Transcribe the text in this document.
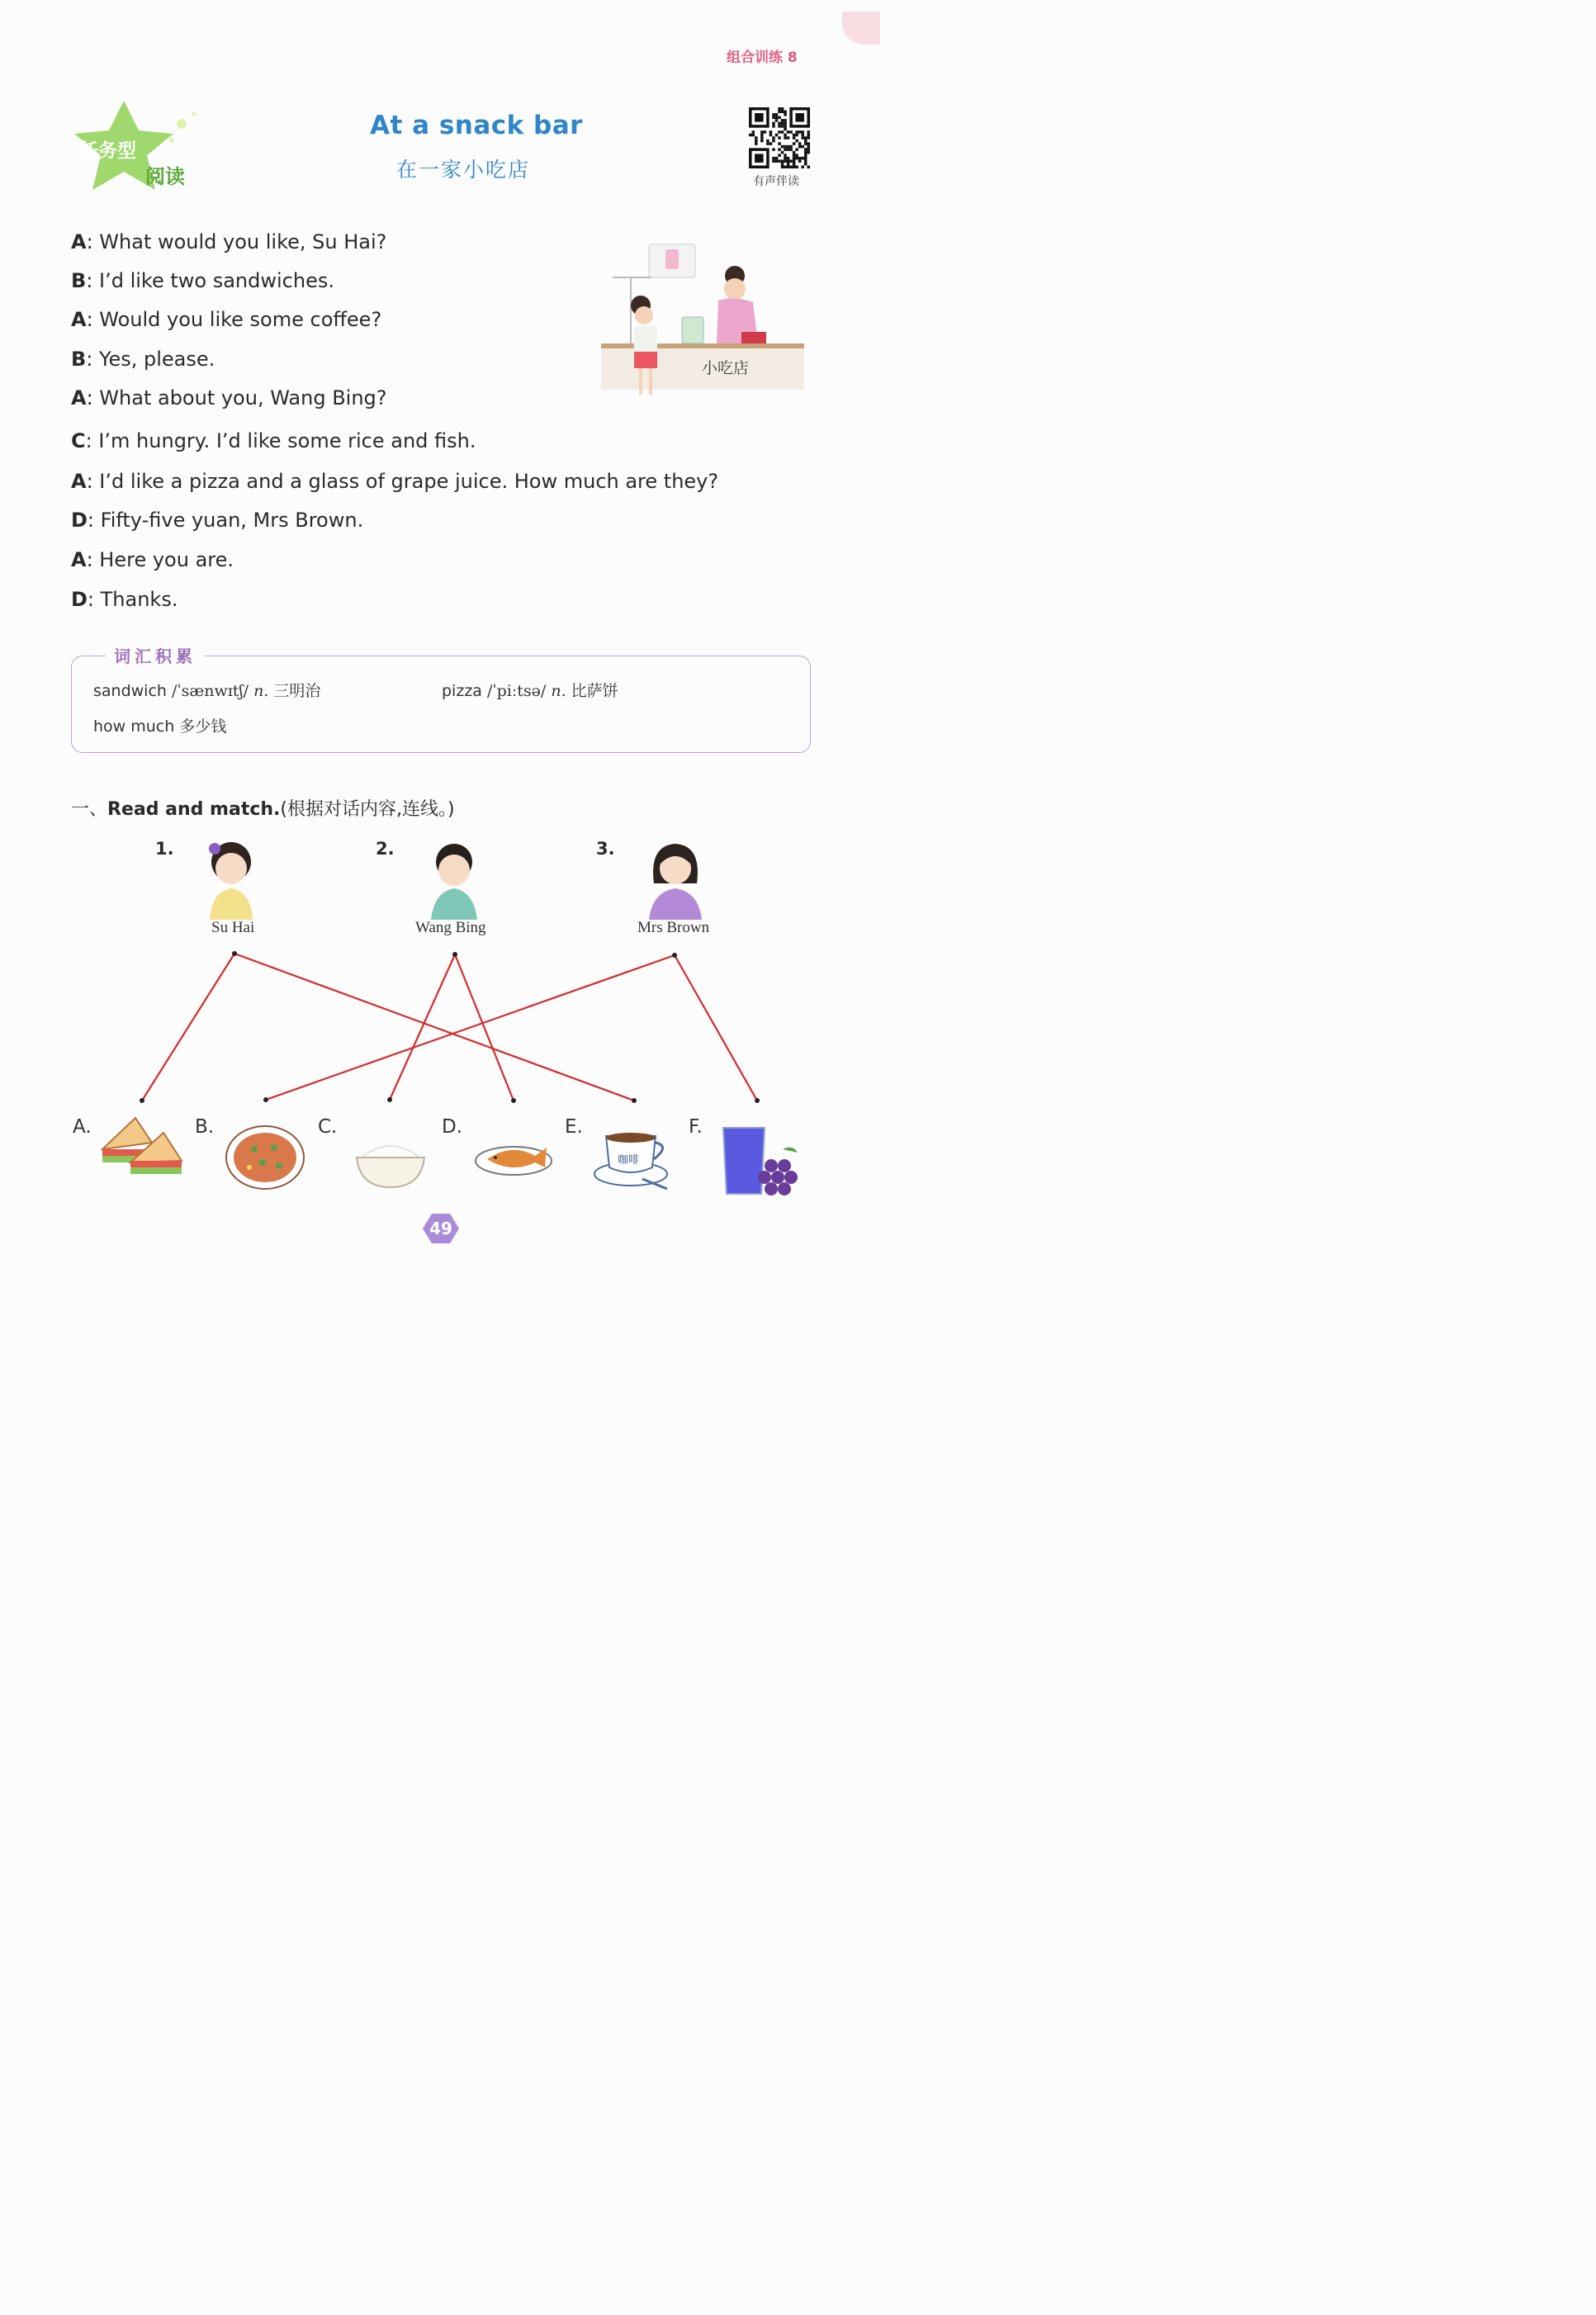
组合训练 8
任务型
阅读
At a snack bar
在一家小吃店	有声伴读
A: What would you like, Su Hai?
B: I’d like two sandwiches.
A: Would you like some coffee?
B: Yes, please.
A: What about you, Wang Bing?
C: I’m hungry. I’d like some rice and fish.
A: I’d like a pizza and a glass of grape juice. How much are they?
D: Fifty-five yuan, Mrs Brown.
A: Here you are.
D: Thanks.
小吃店
词汇积累
sandwich /ˈsænwɪtʃ/ n. 三明治	pizza /ˈpiːtsə/ n. 比萨饼
how much 多少钱
一、Read and match.(根据对话内容,连线。)
1.
Su Hai
2.
Wang Bing
3.
Mrs Brown
A.	B.	C.	D.	E.
咖啡
F.
49
